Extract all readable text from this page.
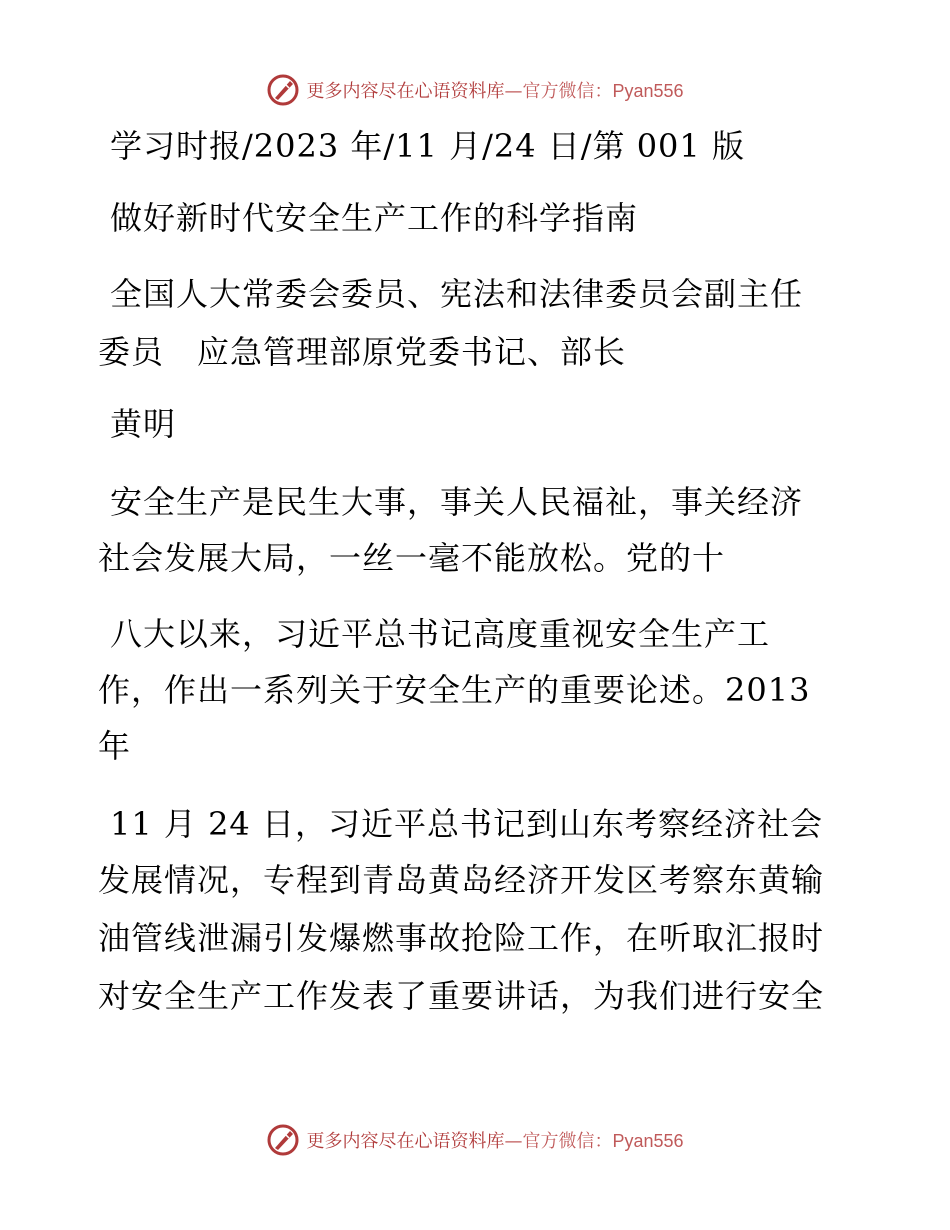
更多内容尽在心语资料库 —官方微信：Pyan556
学习时报/2023 年/11 月/24 日/第 001 版
做好新时代安全生产工作的科学指南
全国人大常委会委员、宪法和法律委员会副主任
委员　应急管理部原党委书记、部长
黄明
安全生产是民生大事，事关人民福祉，事关经济
社会发展大局，一丝一毫不能放松。党的十
八大以来，习近平总书记高度重视安全生产工
作，作出一系列关于安全生产的重要论述。2013
年
11 月 24 日，习近平总书记到山东考察经济社会
发展情况，专程到青岛黄岛经济开发区考察东黄输
油管线泄漏引发爆燃事故抢险工作，在听取汇报时
对安全生产工作发表了重要讲话，为我们进行安全
更多内容尽在心语资料库 —官方微信：Pyan556
